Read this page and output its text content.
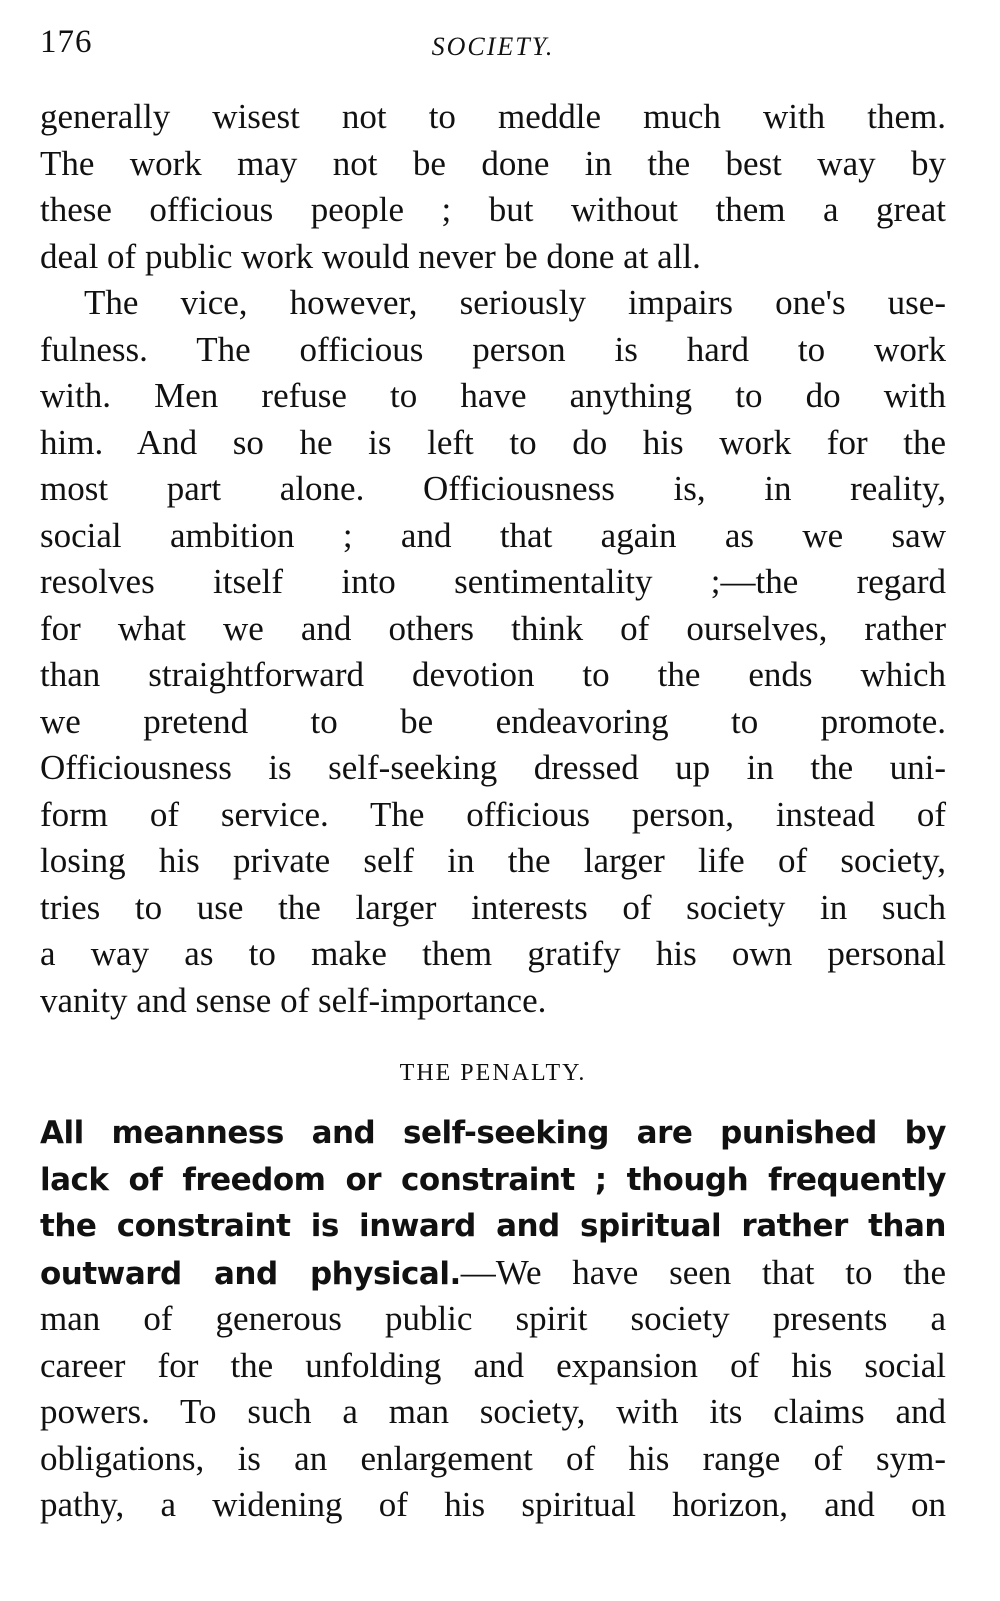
176	SOCIETY.
generally wisest not to meddle much with them.
The work may not be done in the best way by
these officious people ; but without them a great
deal of public work would never be done at all.
The vice, however, seriously impairs one's use-
fulness. The officious person is hard to work
with. Men refuse to have anything to do with
him. And so he is left to do his work for the
most part alone. Officiousness is, in reality,
social ambition ; and that again as we saw
resolves itself into sentimentality ;—the regard
for what we and others think of ourselves, rather
than straightforward devotion to the ends which
we pretend to be endeavoring to promote.
Officiousness is self-seeking dressed up in the uni-
form of service. The officious person, instead of
losing his private self in the larger life of society,
tries to use the larger interests of society in such
a way as to make them gratify his own personal
vanity and sense of self-importance.
THE PENALTY.
All meanness and self-seeking are punished by
lack of freedom or constraint ; though frequently
the constraint is inward and spiritual rather than
outward and physical.—We have seen that to the
man of generous public spirit society presents a
career for the unfolding and expansion of his social
powers. To such a man society, with its claims and
obligations, is an enlargement of his range of sym-
pathy, a widening of his spiritual horizon, and on
